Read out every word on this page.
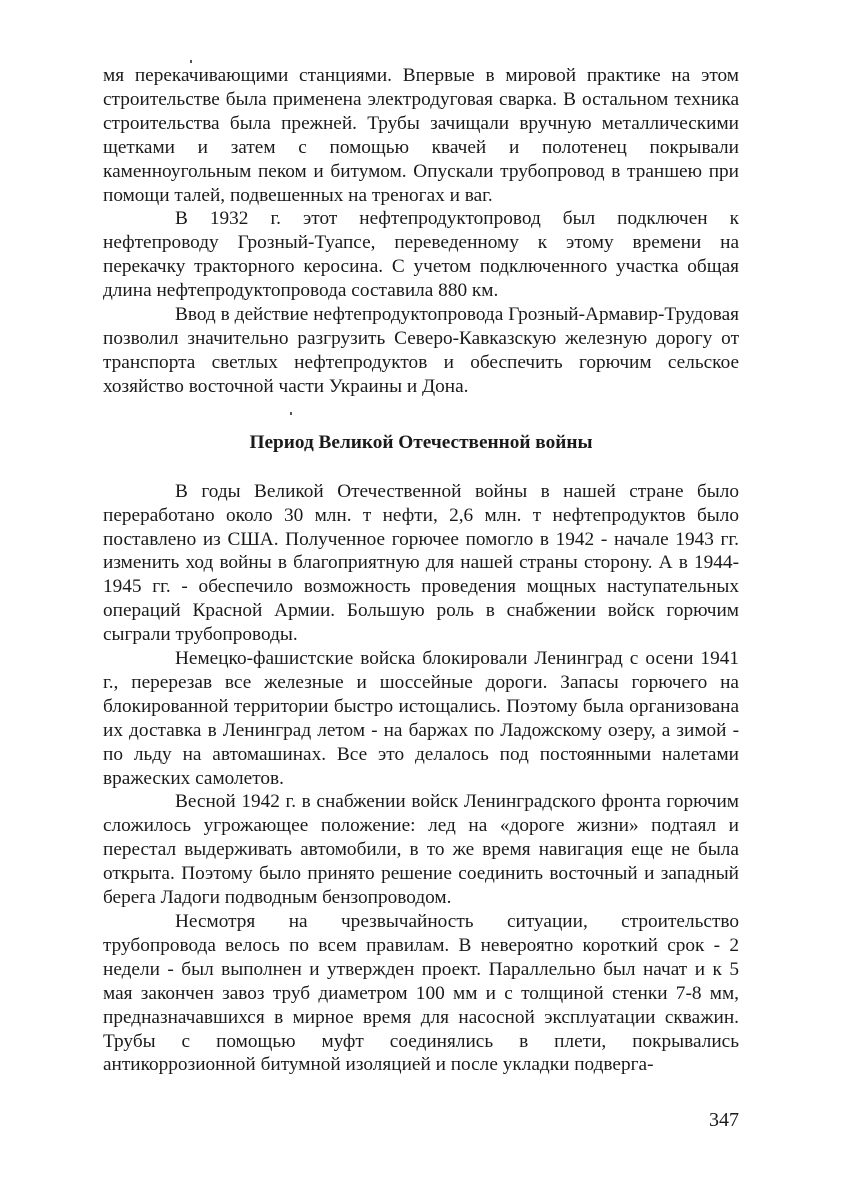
мя перекачивающими станциями. Впервые в мировой практике на этом строительстве была применена электродуговая сварка. В остальном техника строительства была прежней. Трубы зачищали вручную металлическими щетками и затем с помощью квачей и полотенец покрывали каменноугольным пеком и битумом. Опускали трубопровод в траншею при помощи талей, подвешенных на треногах и ваг.

В 1932 г. этот нефтепродуктопровод был подключен к нефтепроводу Грозный-Туапсе, переведенному к этому времени на перекачку тракторного керосина. С учетом подключенного участка общая длина нефтепродуктопровода составила 880 км.

Ввод в действие нефтепродуктопровода Грозный-Армавир-Трудовая позволил значительно разгрузить Северо-Кавказскую железную дорогу от транспорта светлых нефтепродуктов и обеспечить горючим сельское хозяйство восточной части Украины и Дона.

Период Великой Отечественной войны

В годы Великой Отечественной войны в нашей стране было переработано около 30 млн. т нефти, 2,6 млн. т нефтепродуктов было поставлено из США. Полученное горючее помогло в 1942 - начале 1943 гг. изменить ход войны в благоприятную для нашей страны сторону. А в 1944-1945 гг. - обеспечило возможность проведения мощных наступательных операций Красной Армии. Большую роль в снабжении войск горючим сыграли трубопроводы.

Немецко-фашистские войска блокировали Ленинград с осени 1941 г., перерезав все железные и шоссейные дороги. Запасы горючего на блокированной территории быстро истощались. Поэтому была организована их доставка в Ленинград летом - на баржах по Ладожскому озеру, а зимой - по льду на автомашинах. Все это делалось под постоянными налетами вражеских самолетов.

Весной 1942 г. в снабжении войск Ленинградского фронта горючим сложилось угрожающее положение: лед на «дороге жизни» подтаял и перестал выдерживать автомобили, в то же время навигация еще не была открыта. Поэтому было принято решение соединить восточный и западный берега Ладоги подводным бензопроводом.

Несмотря на чрезвычайность ситуации, строительство трубопровода велось по всем правилам. В невероятно короткий срок - 2 недели - был выполнен и утвержден проект. Параллельно был начат и к 5 мая закончен завоз труб диаметром 100 мм и с толщиной стенки 7-8 мм, предназначавшихся в мирное время для насосной эксплуатации скважин. Трубы с помощью муфт соединялись в плети, покрывались антикоррозионной битумной изоляцией и после укладки подверга-

347
